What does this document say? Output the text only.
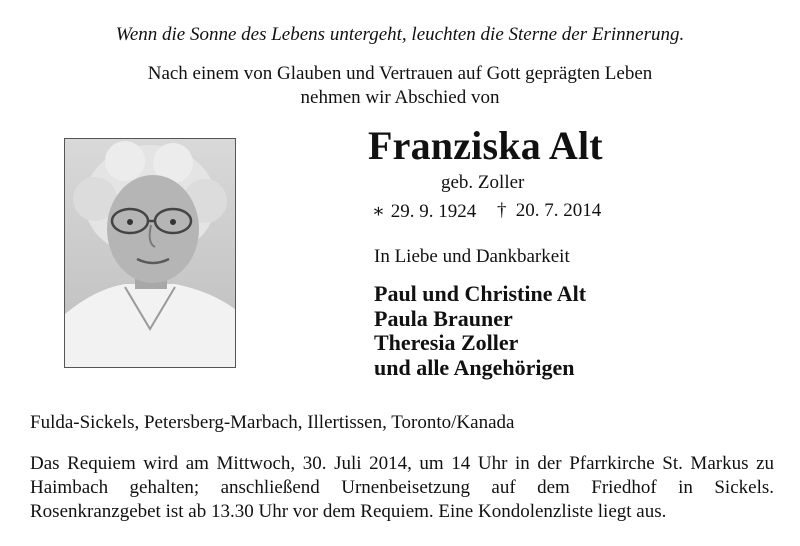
Wenn die Sonne des Lebens untergeht, leuchten die Sterne der Erinnerung.
Nach einem von Glauben und Vertrauen auf Gott geprägten Leben
nehmen wir Abschied von
Franziska Alt
geb. Zoller
∗ 29. 9. 1924 † 20. 7. 2014
In Liebe und Dankbarkeit
Paul und Christine Alt
Paula Brauner
Theresia Zoller
und alle Angehörigen
Fulda-Sickels, Petersberg-Marbach, Illertissen, Toronto/Kanada
Das Requiem wird am Mittwoch, 30. Juli 2014, um 14 Uhr in der Pfarrkirche St. Markus zu Haimbach gehalten; anschließend Urnenbeisetzung auf dem Friedhof in Sickels. Rosenkranzgebet ist ab 13.30 Uhr vor dem Requiem. Eine Kondolenzliste liegt aus.
